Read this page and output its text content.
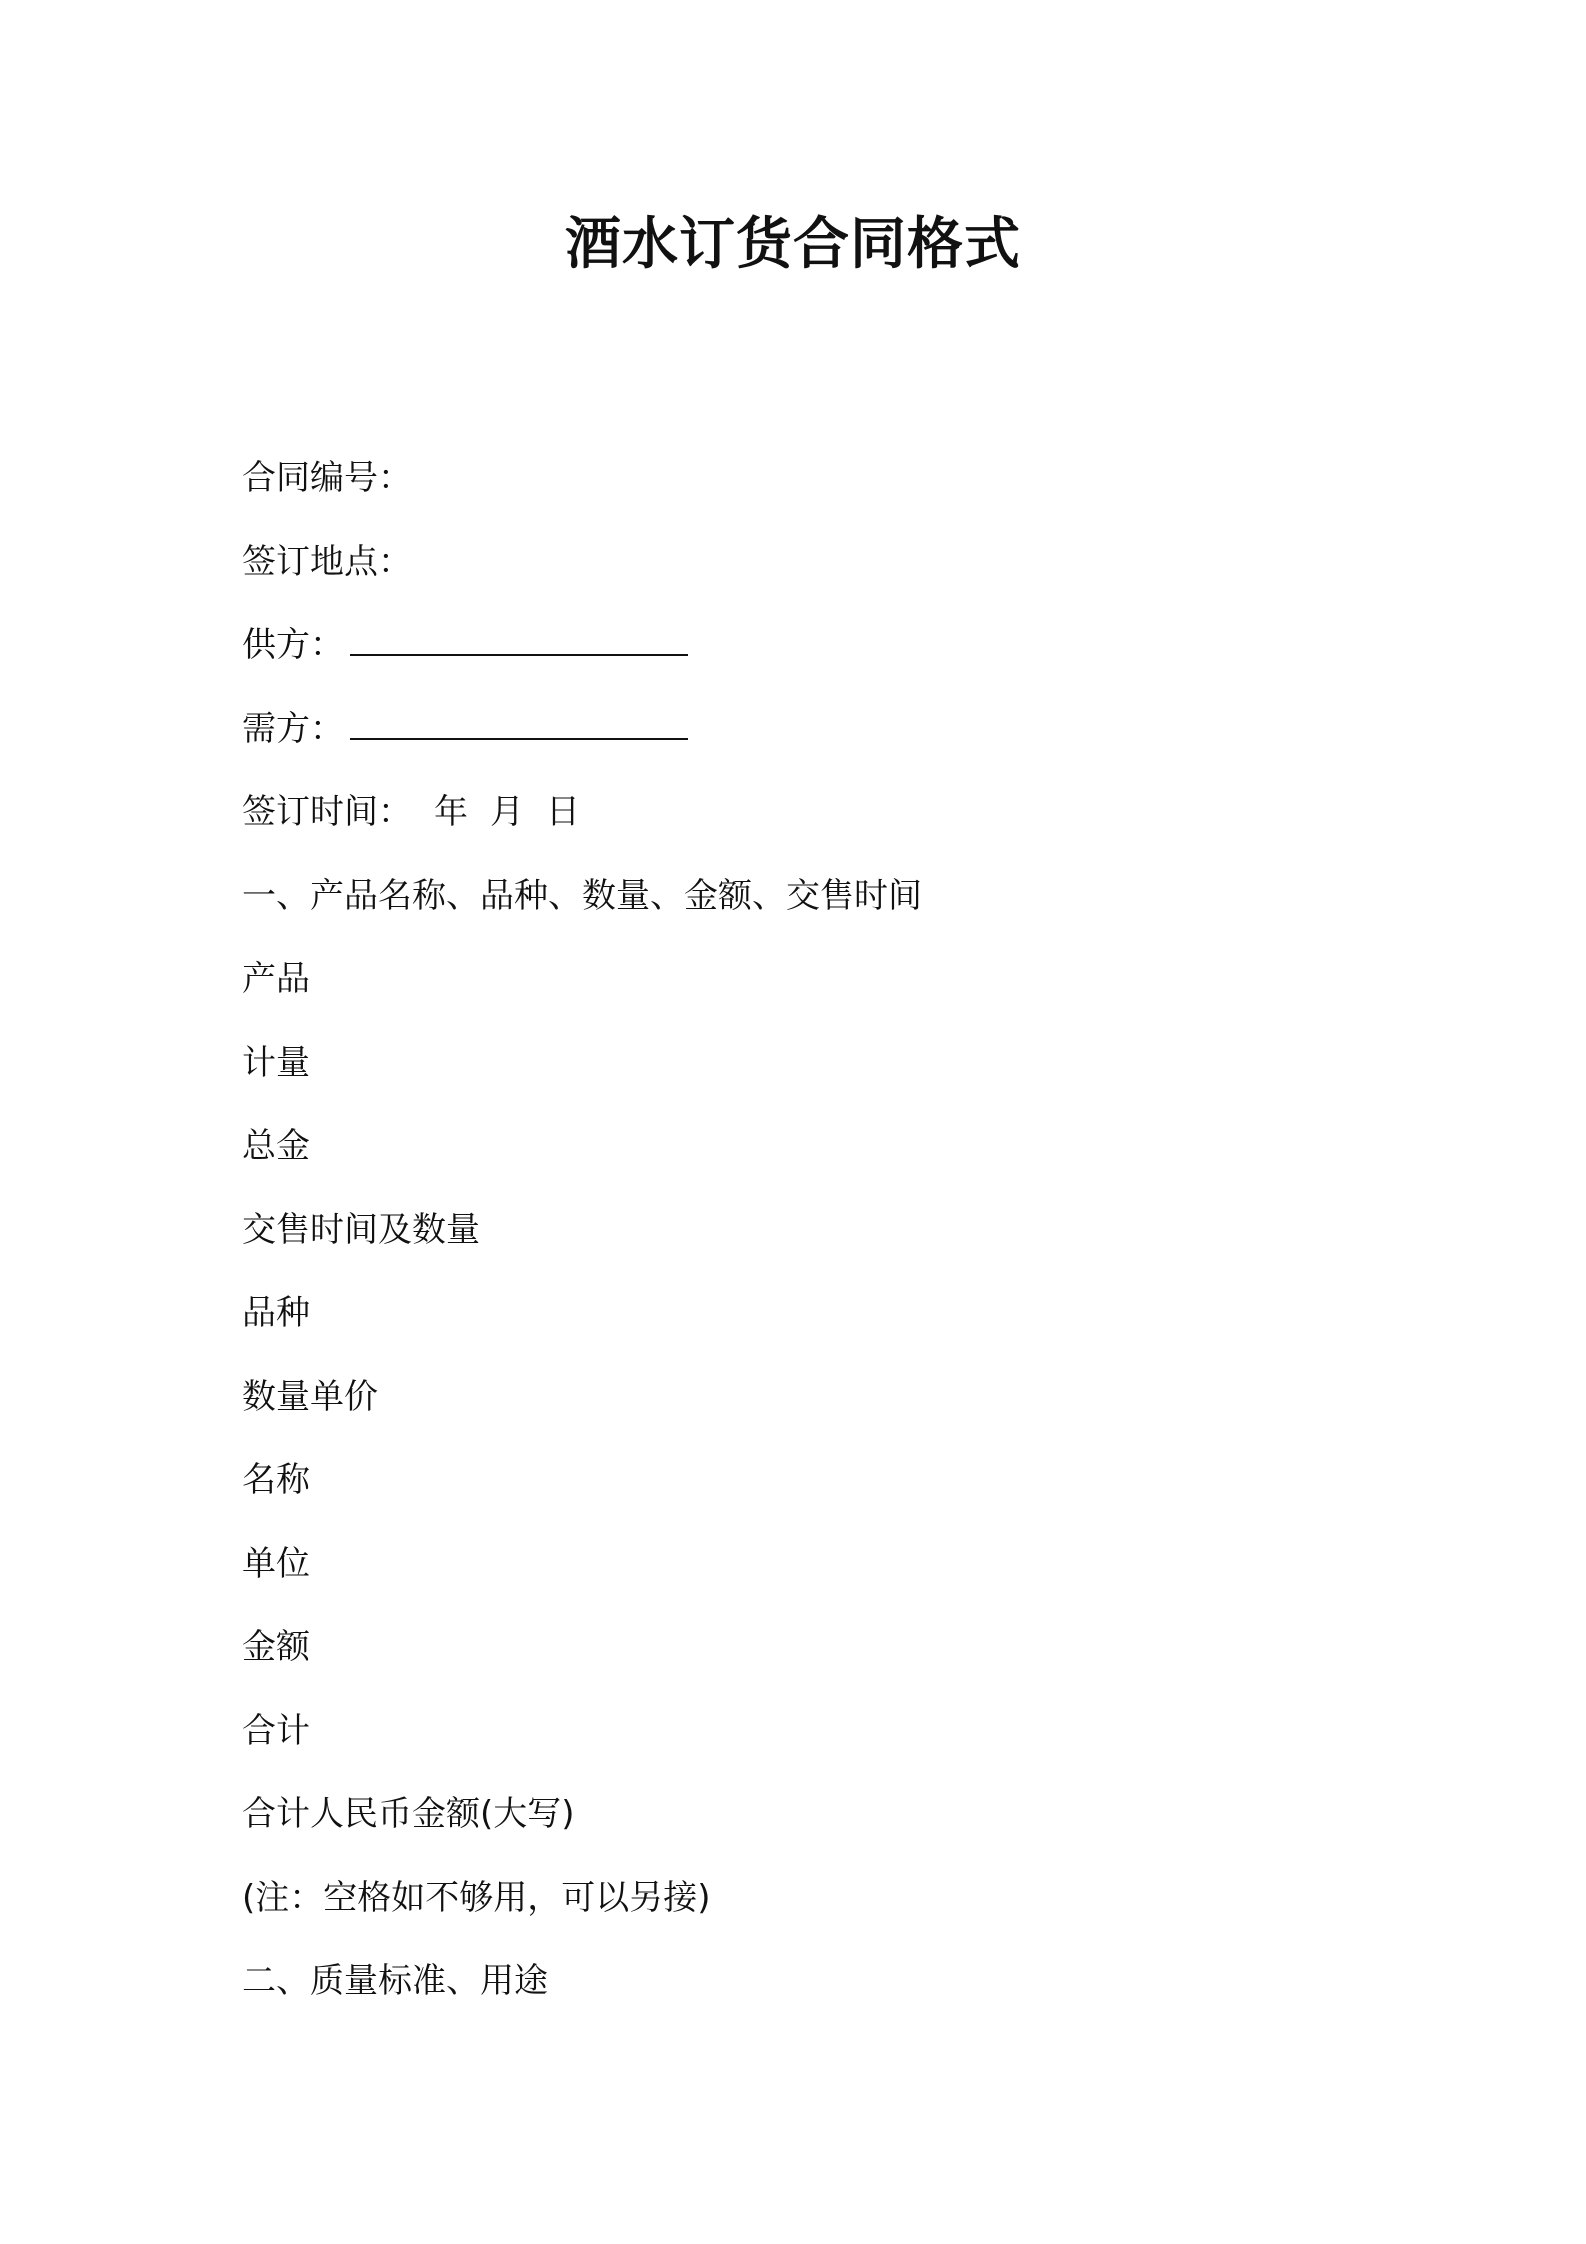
酒水订货合同格式
合同编号：
签订地点：
供方：
需方：
签订时间： 年 月 日
一、产品名称、品种、数量、金额、交售时间
产品
计量
总金
交售时间及数量
品种
数量单价
名称
单位
金额
合计
合计人民币金额(大写)
(注：空格如不够用，可以另接)
二、质量标准、用途
